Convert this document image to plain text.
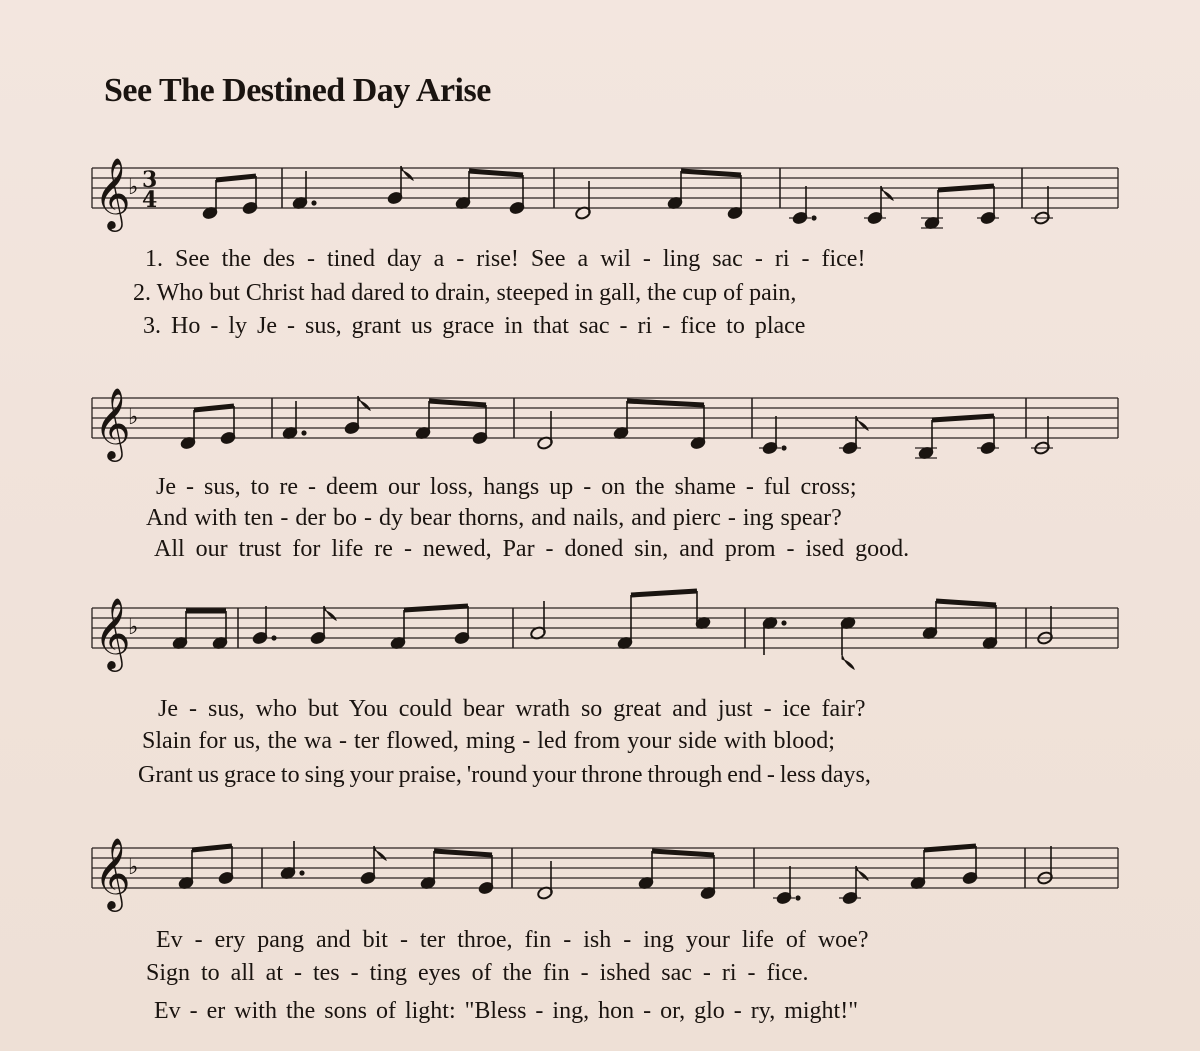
See The Destined Day Arise
𝄞
♭ 3
4
1. See the des - tined day a - rise! See a wil - ling sac - ri - fice!
2. Who but Christ had dared to drain, steeped in gall, the cup of pain,
3. Ho - ly Je - sus, grant us grace in that sac - ri - fice to place
𝄞
♭
Je - sus, to re - deem our loss, hangs up - on the shame - ful cross;
And with ten - der bo - dy bear thorns, and nails, and pierc - ing spear?
All our trust for life re - newed, Par - doned sin, and prom - ised good.
𝄞
♭
Je - sus, who but You could bear wrath so great and just - ice fair?
Slain for us, the wa - ter flowed, ming - led from your side with blood;
Grant us grace to sing your praise, 'round your throne through end - less days,
𝄞
♭
Ev - ery pang and bit - ter throe, fin - ish - ing your life of woe?
Sign to all at - tes - ting eyes of the fin - ished sac - ri - fice.
Ev - er with the sons of light: "Bless - ing, hon - or, glo - ry, might!"
